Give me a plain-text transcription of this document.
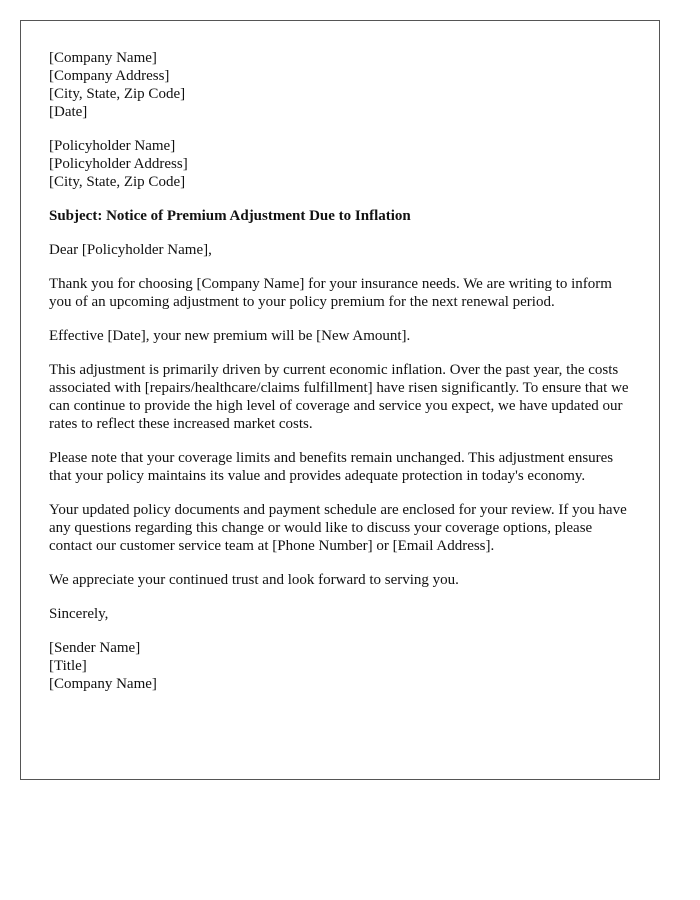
[Company Name]
[Company Address]
[City, State, Zip Code]
[Date]
[Policyholder Name]
[Policyholder Address]
[City, State, Zip Code]

Subject: Notice of Premium Adjustment Due to Inflation

Dear [Policyholder Name],

Thank you for choosing [Company Name] for your insurance needs. We are writing to inform you of an upcoming adjustment to your policy premium for the next renewal period.

Effective [Date], your new premium will be [New Amount].

This adjustment is primarily driven by current economic inflation. Over the past year, the costs associated with [repairs/healthcare/claims fulfillment] have risen significantly. To ensure that we can continue to provide the high level of coverage and service you expect, we have updated our rates to reflect these increased market costs.

Please note that your coverage limits and benefits remain unchanged. This adjustment ensures that your policy maintains its value and provides adequate protection in today's economy.

Your updated policy documents and payment schedule are enclosed for your review. If you have any questions regarding this change or would like to discuss your coverage options, please contact our customer service team at [Phone Number] or [Email Address].

We appreciate your continued trust and look forward to serving you.

Sincerely,

[Sender Name]
[Title]
[Company Name]
